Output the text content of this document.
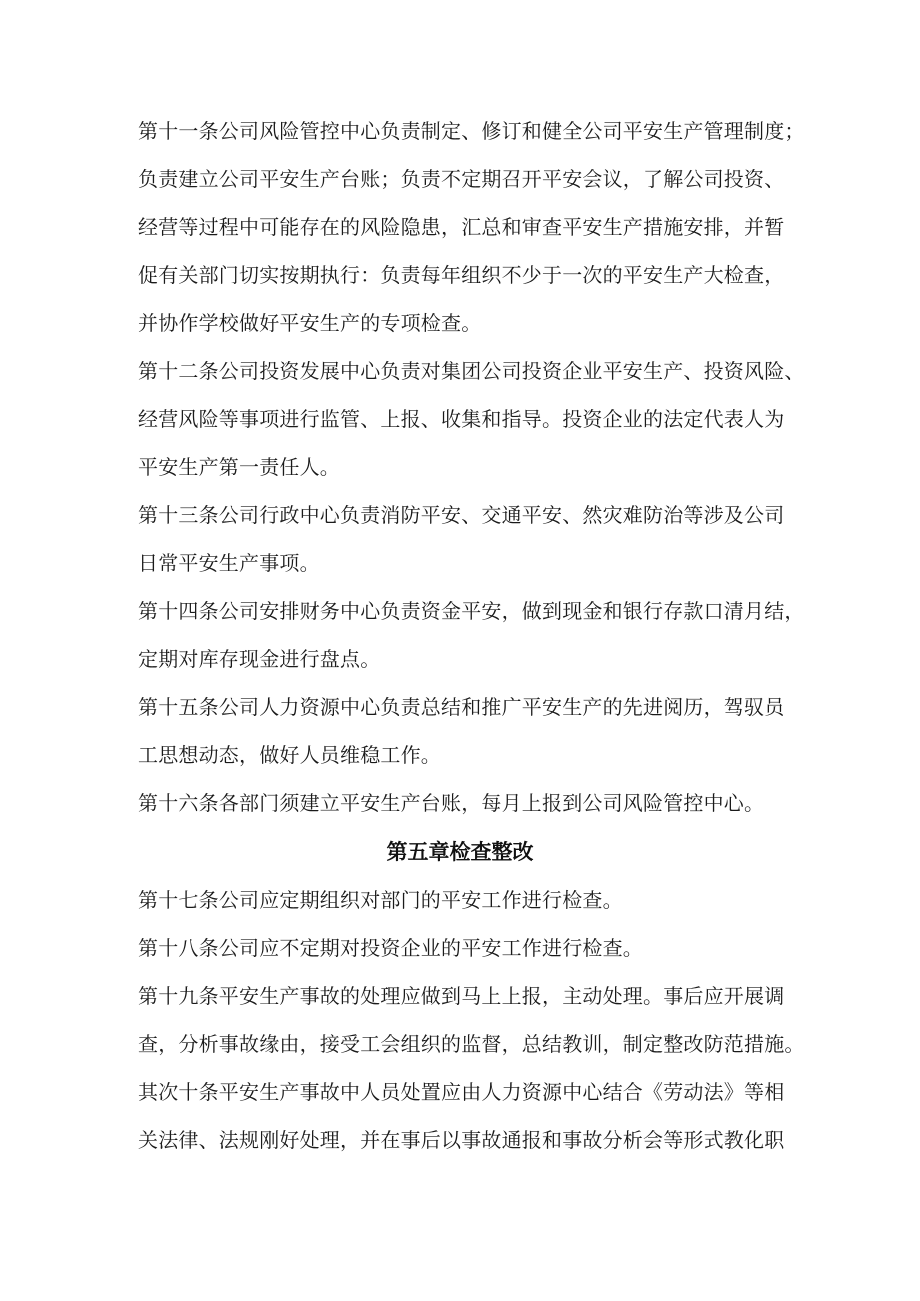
第十一条公司风险管控中心负责制定、修订和健全公司平安生产管理制度；
负责建立公司平安生产台账；负责不定期召开平安会议，了解公司投资、
经营等过程中可能存在的风险隐患，汇总和审查平安生产措施安排，并暂
促有关部门切实按期执行：负责每年组织不少于一次的平安生产大检查，
并协作学校做好平安生产的专项检查。
第十二条公司投资发展中心负责对集团公司投资企业平安生产、投资风险、
经营风险等事项进行监管、上报、收集和指导。投资企业的法定代表人为
平安生产第一责任人。
第十三条公司行政中心负责消防平安、交通平安、然灾难防治等涉及公司
日常平安生产事项。
第十四条公司安排财务中心负责资金平安，做到现金和银行存款口清月结，
定期对库存现金进行盘点。
第十五条公司人力资源中心负责总结和推广平安生产的先进阅历，驾驭员
工思想动态，做好人员维稳工作。
第十六条各部门须建立平安生产台账，每月上报到公司风险管控中心。
第五章检查整改
第十七条公司应定期组织对部门的平安工作进行检查。
第十八条公司应不定期对投资企业的平安工作进行检查。
第十九条平安生产事故的处理应做到马上上报，主动处理。事后应开展调
查，分析事故缘由，接受工会组织的监督，总结教训，制定整改防范措施。
其次十条平安生产事故中人员处置应由人力资源中心结合《劳动法》等相
关法律、法规刚好处理，并在事后以事故通报和事故分析会等形式教化职
